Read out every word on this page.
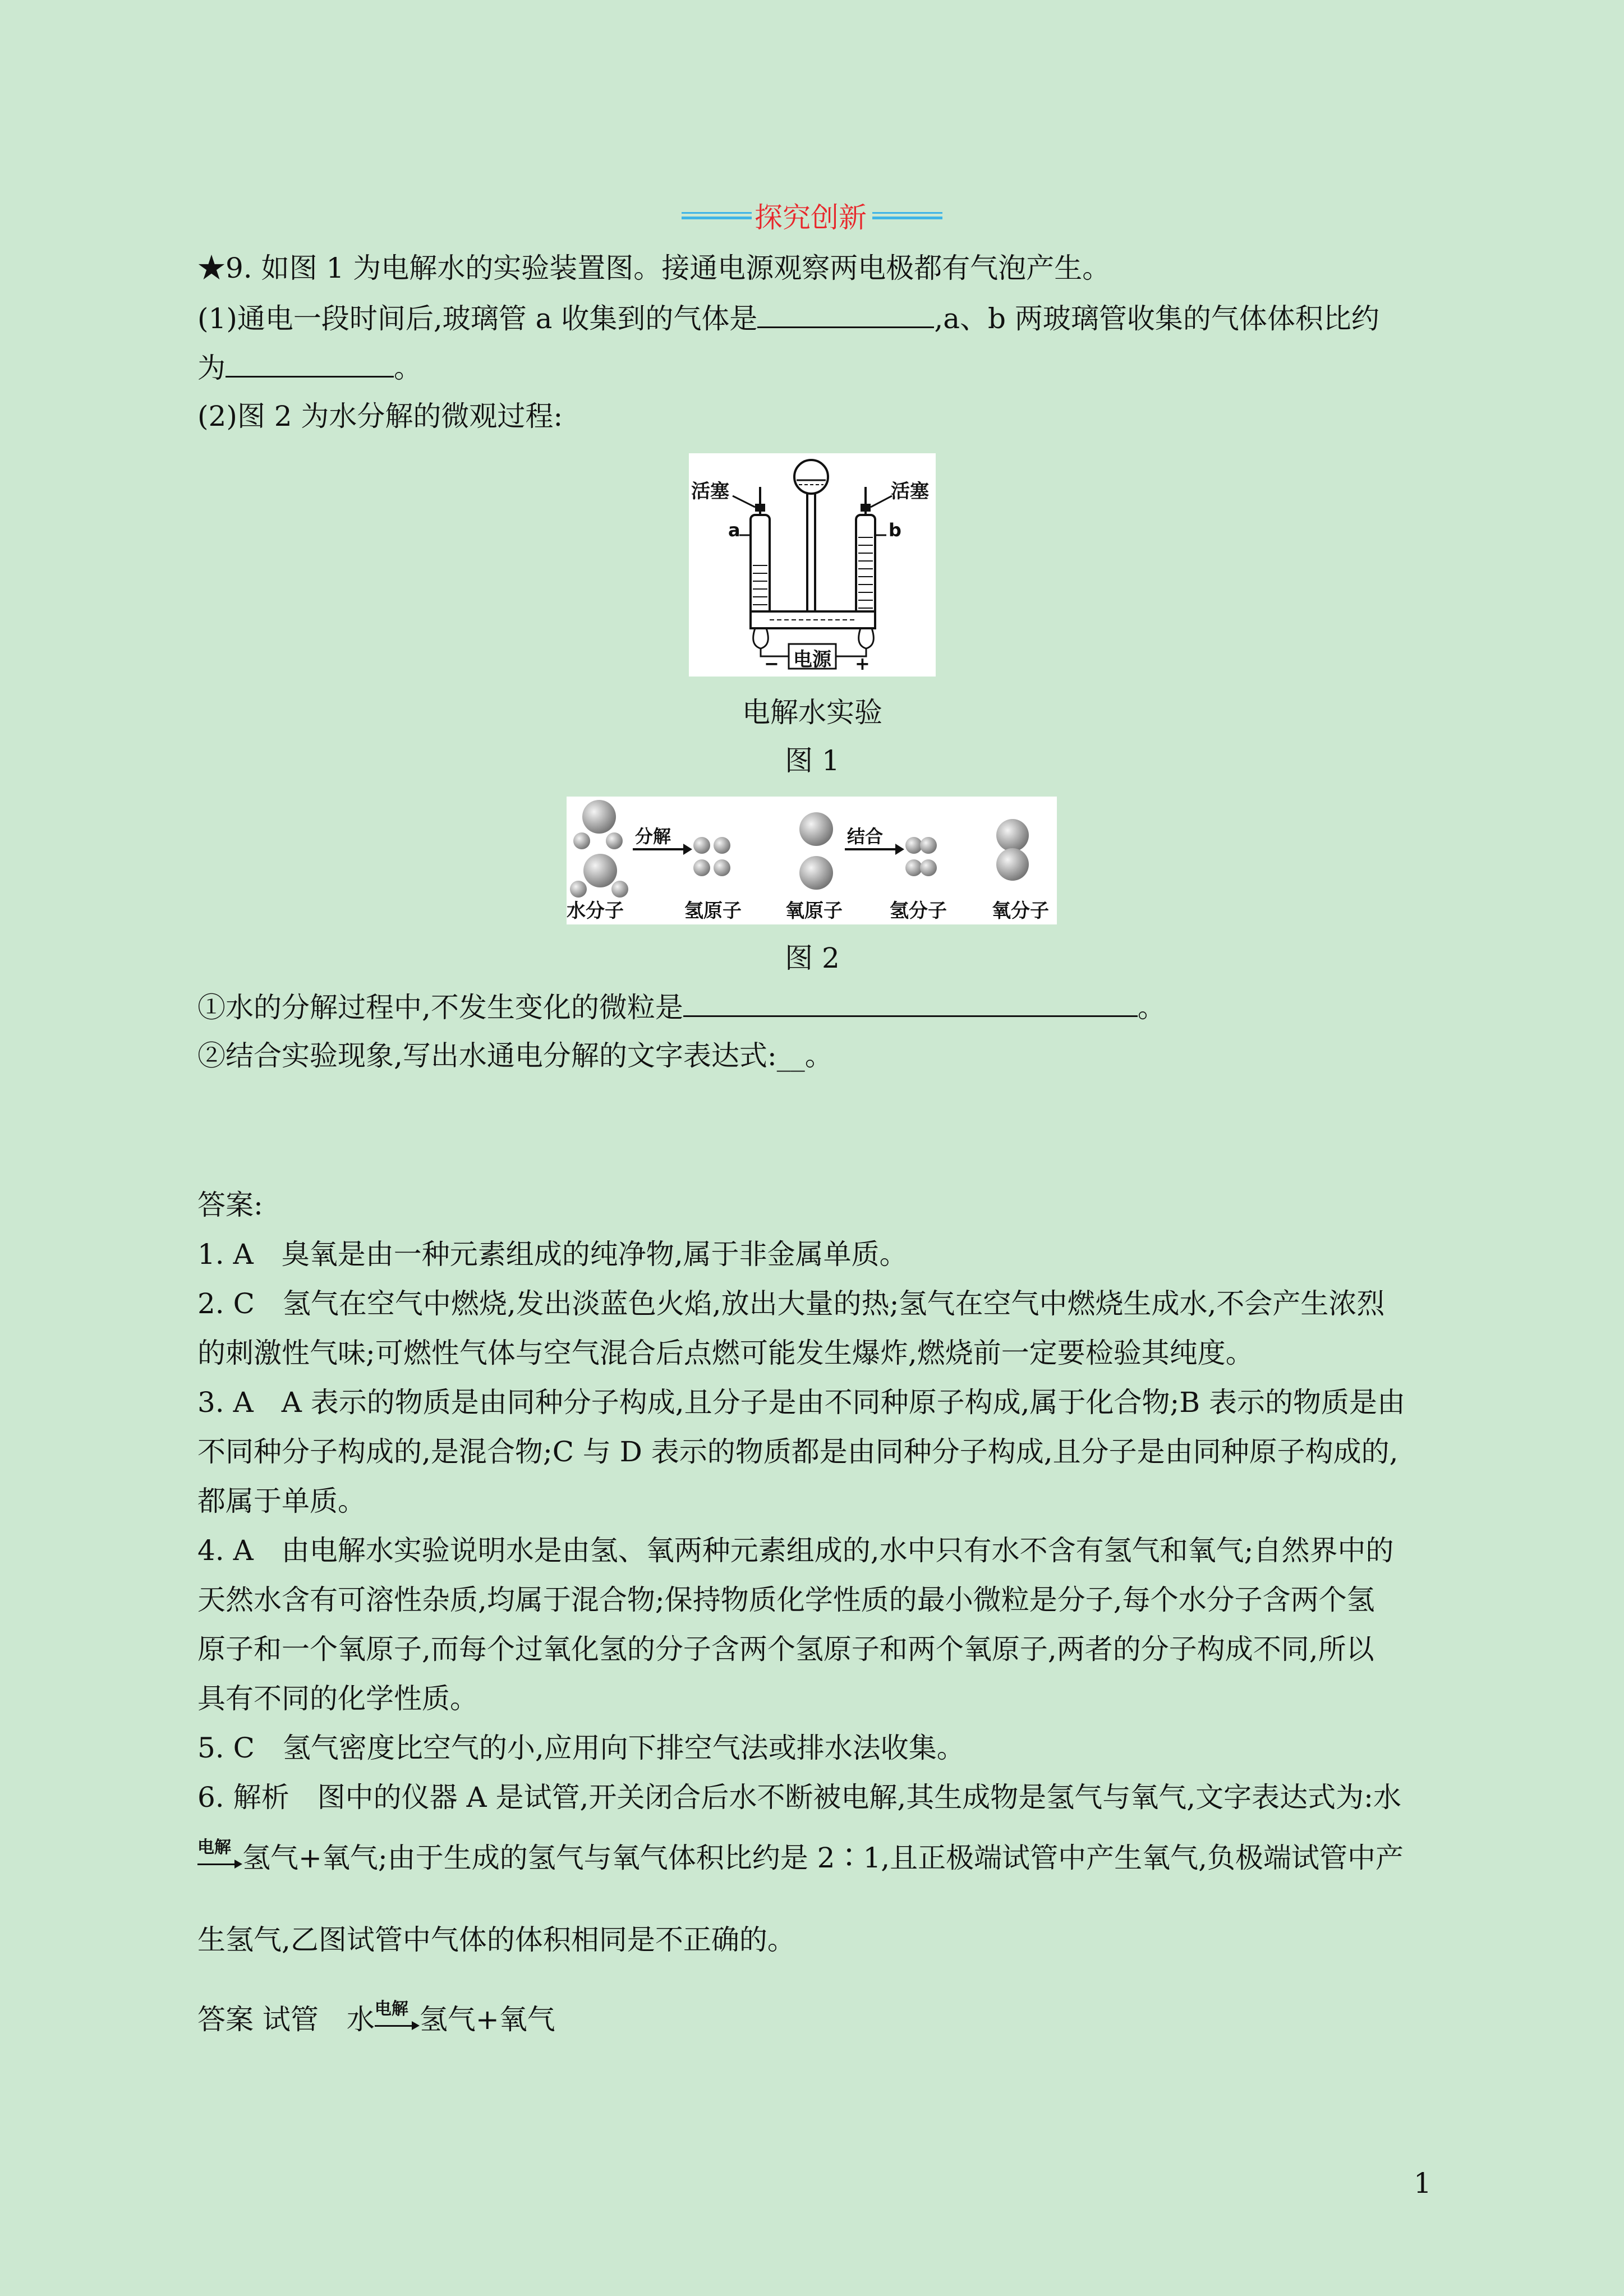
探究创新
★9. 如图 1 为电解水的实验装置图。接通电源观察两电极都有气泡产生。
(1)通电一段时间后,玻璃管 a 收集到的气体是	,a、b 两玻璃管收集的气体体积比约
为	。
(2)图 2 为水分解的微观过程:
活塞	活塞
a	b
电源
−	+
电解水实验
图 1
分解	结合
水分子	氢原子 氧原子 氢分子 氧分子
图 2
①水的分解过程中,不发生变化的微粒是	。
②结合实验现象,写出水通电分解的文字表达式:__。
答案:
1. A　臭氧是由一种元素组成的纯净物,属于非金属单质。
2. C　氢气在空气中燃烧,发出淡蓝色火焰,放出大量的热;氢气在空气中燃烧生成水,不会产生浓烈
的刺激性气味;可燃性气体与空气混合后点燃可能发生爆炸,燃烧前一定要检验其纯度。
3. A　A 表示的物质是由同种分子构成,且分子是由不同种原子构成,属于化合物;B 表示的物质是由
不同种分子构成的,是混合物;C 与 D 表示的物质都是由同种分子构成,且分子是由同种原子构成的,
都属于单质。
4. A　由电解水实验说明水是由氢、氧两种元素组成的,水中只有水不含有氢气和氧气;自然界中的
天然水含有可溶性杂质,均属于混合物;保持物质化学性质的最小微粒是分子,每个水分子含两个氢
原子和一个氧原子,而每个过氧化氢的分子含两个氢原子和两个氧原子,两者的分子构成不同,所以
具有不同的化学性质。
5. C　氢气密度比空气的小,应用向下排空气法或排水法收集。
6. 解析　图中的仪器 A 是试管,开关闭合后水不断被电解,其生成物是氢气与氧气,文字表达式为:水
电解 氢气+氧气;由于生成的氢气与氧气体积比约是 2∶1,且正极端试管中产生氧气,负极端试管中产
生氢气,乙图试管中气体的体积相同是不正确的。
答案 试管　水 电解 氢气+氧气
1
